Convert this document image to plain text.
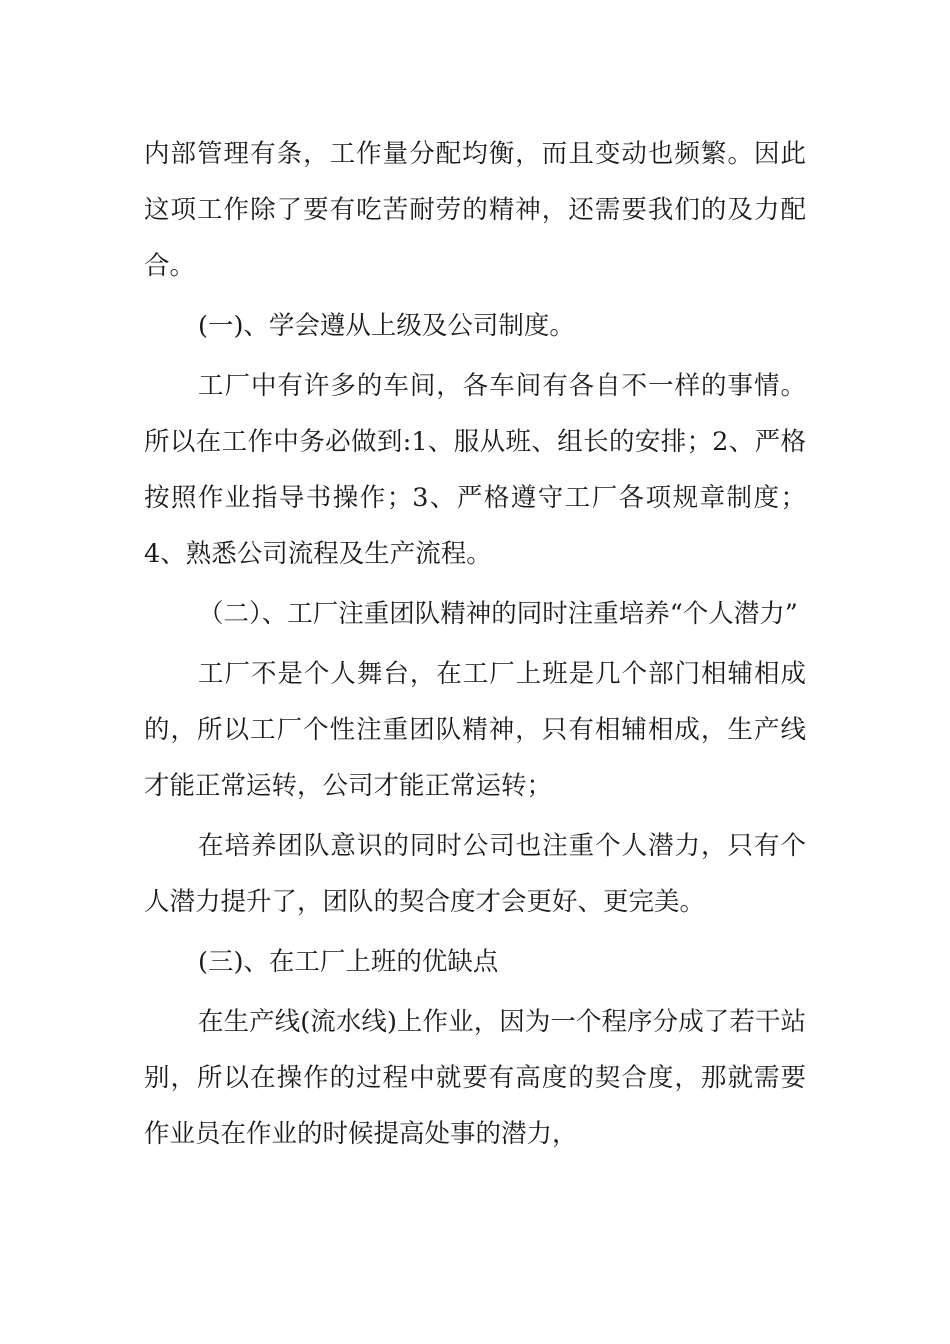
内部管理有条，工作量分配均衡，而且变动也频繁。因此这项工作除了要有吃苦耐劳的精神，还需要我们的及力配合。

(一)、学会遵从上级及公司制度。

工厂中有许多的车间，各车间有各自不一样的事情。所以在工作中务必做到:1、服从班、组长的安排；2、严格按照作业指导书操作；3、严格遵守工厂各项规章制度；4、熟悉公司流程及生产流程。

（二）、工厂注重团队精神的同时注重培养“个人潜力”

工厂不是个人舞台，在工厂上班是几个部门相辅相成的，所以工厂个性注重团队精神，只有相辅相成，生产线才能正常运转，公司才能正常运转；

在培养团队意识的同时公司也注重个人潜力，只有个人潜力提升了，团队的契合度才会更好、更完美。

(三)、在工厂上班的优缺点

在生产线(流水线)上作业，因为一个程序分成了若干站别，所以在操作的过程中就要有高度的契合度，那就需要作业员在作业的时候提高处事的潜力，
